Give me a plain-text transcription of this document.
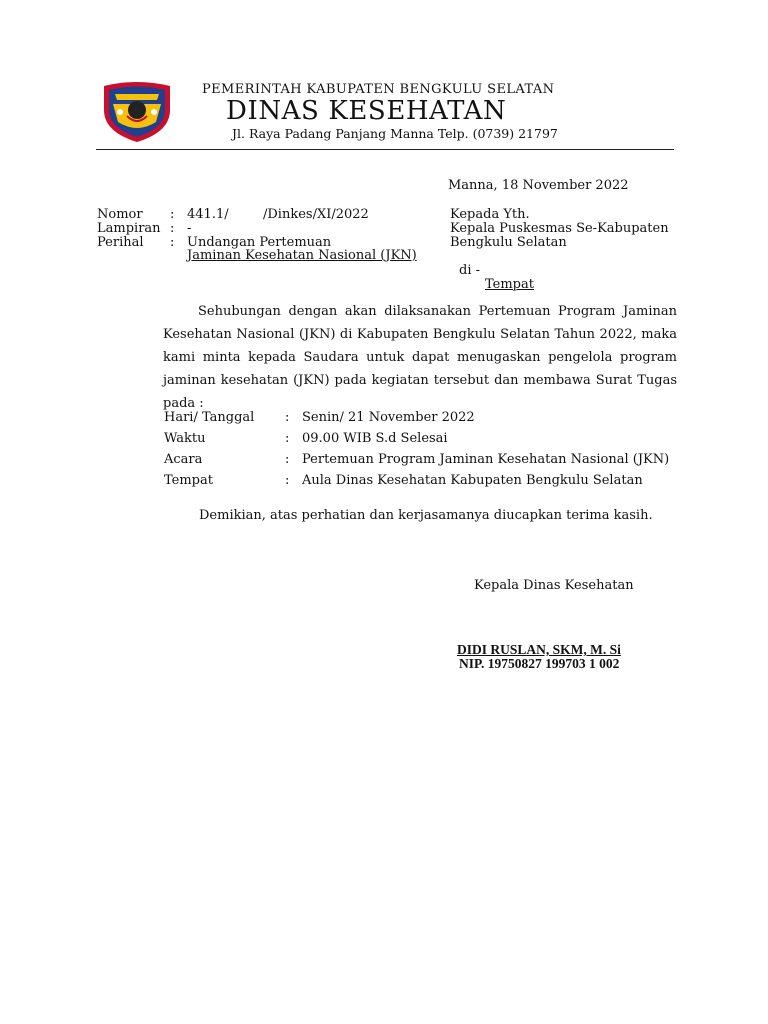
PEMERINTAH KABUPATEN BENGKULU SELATAN
DINAS KESEHATAN
Jl. Raya Padang Panjang Manna Telp. (0739) 21797
Manna, 18 November 2022
Nomor : 441.1/	/Dinkes/XI/2022
Lampiran : -
Perihal : Undangan Pertemuan
Jaminan Kesehatan Nasional (JKN)
Kepada Yth.
Kepala Puskesmas Se-Kabupaten
Bengkulu Selatan
di -
Tempat
Sehubungan dengan akan dilaksanakan Pertemuan Program Jaminan Kesehatan Nasional (JKN) di Kabupaten Bengkulu Selatan Tahun 2022, maka kami minta kepada Saudara untuk dapat menugaskan pengelola program jaminan kesehatan (JKN) pada kegiatan tersebut dan membawa Surat Tugas pada :
Hari/ Tanggal : Senin/ 21 November 2022
Waktu	: 09.00 WIB S.d Selesai
Acara	: Pertemuan Program Jaminan Kesehatan Nasional (JKN)
Tempat	: Aula Dinas Kesehatan Kabupaten Bengkulu Selatan
Demikian, atas perhatian dan kerjasamanya diucapkan terima kasih.
Kepala Dinas Kesehatan
DIDI RUSLAN, SKM, M. Si
NIP. 19750827 199703 1 002
